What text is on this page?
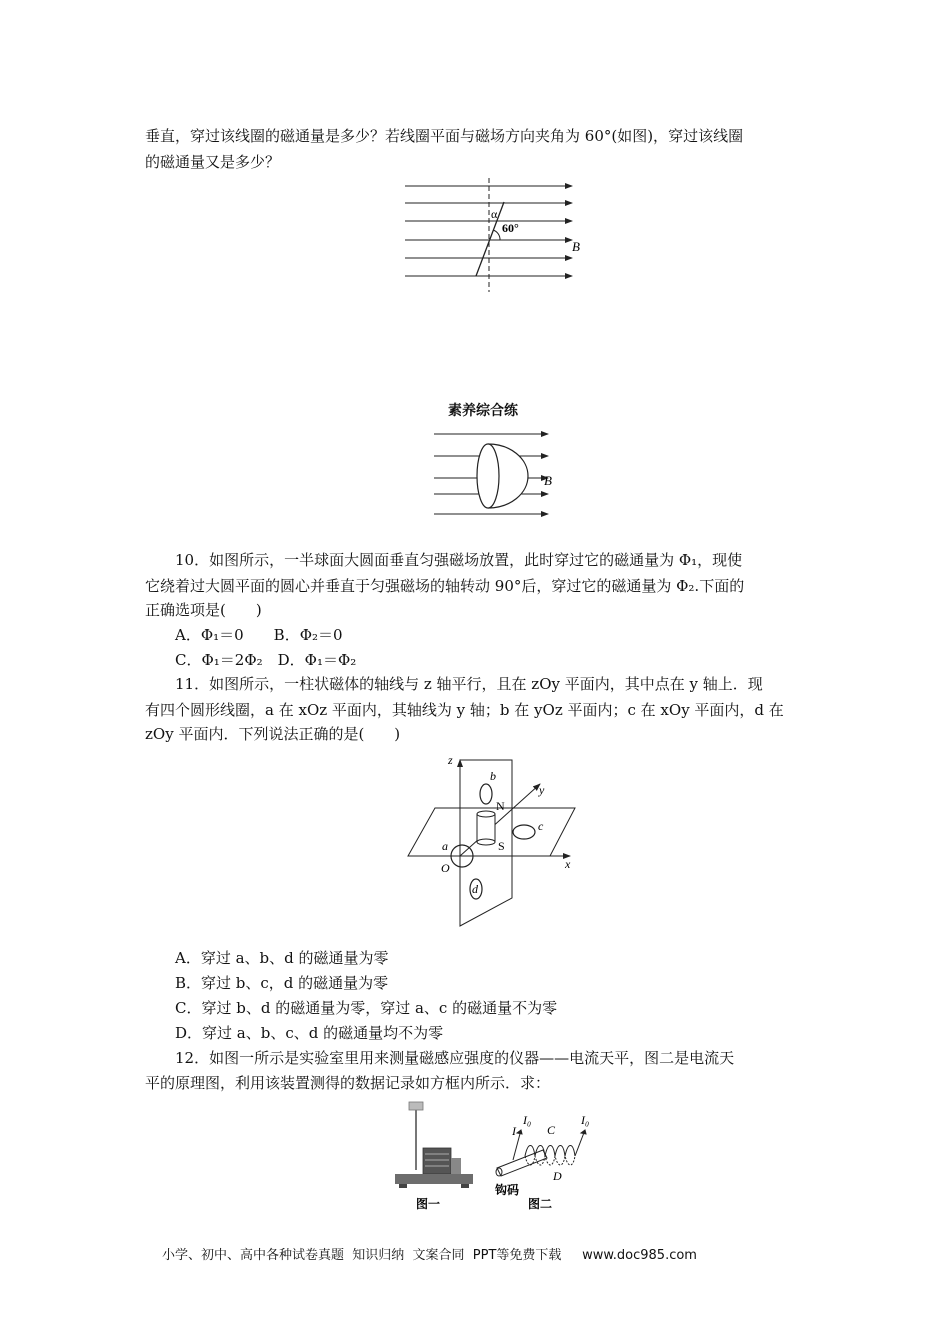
垂直，穿过该线圈的磁通量是多少？若线圈平面与磁场方向夹角为 60°(如图)，穿过该线圈

的磁通量又是多少？

α
60°
B
素养综合练
B

10．如图所示，一半球面大圆面垂直匀强磁场放置，此时穿过它的磁通量为 Φ₁，现使

它绕着过大圆平面的圆心并垂直于匀强磁场的轴转动 90°后，穿过它的磁通量为 Φ₂.下面的

正确选项是(　　)

A．Φ₁＝0　　B．Φ₂＝0
C．Φ₁＝2Φ₂　D．Φ₁＝Φ₂

11．如图所示，一柱状磁体的轴线与 z 轴平行，且在 zOy 平面内，其中点在 y 轴上．现

有四个圆形线圈，a 在 xOz 平面内，其轴线为 y 轴；b 在 yOz 平面内；c 在 xOy 平面内，d 在

zOy 平面内．下列说法正确的是(　　)

z
y
x
O
a
b
c
d
N
S
A．穿过 a、b、d 的磁通量为零
B．穿过 b、c，d 的磁通量为零
C．穿过 b、d 的磁通量为零，穿过 a、c 的磁通量不为零
D．穿过 a、b、c、d 的磁通量均不为零

12．如图一所示是实验室里用来测量磁感应强度的仪器——电流天平，图二是电流天

平的原理图，利用该装置测得的数据记录如方框内所示．求：

I₀
I	C
I₀
D
钩码
图一	图二
小学、初中、高中各种试卷真题  知识归纳  文案合同  PPT等免费下载     www.doc985.com
